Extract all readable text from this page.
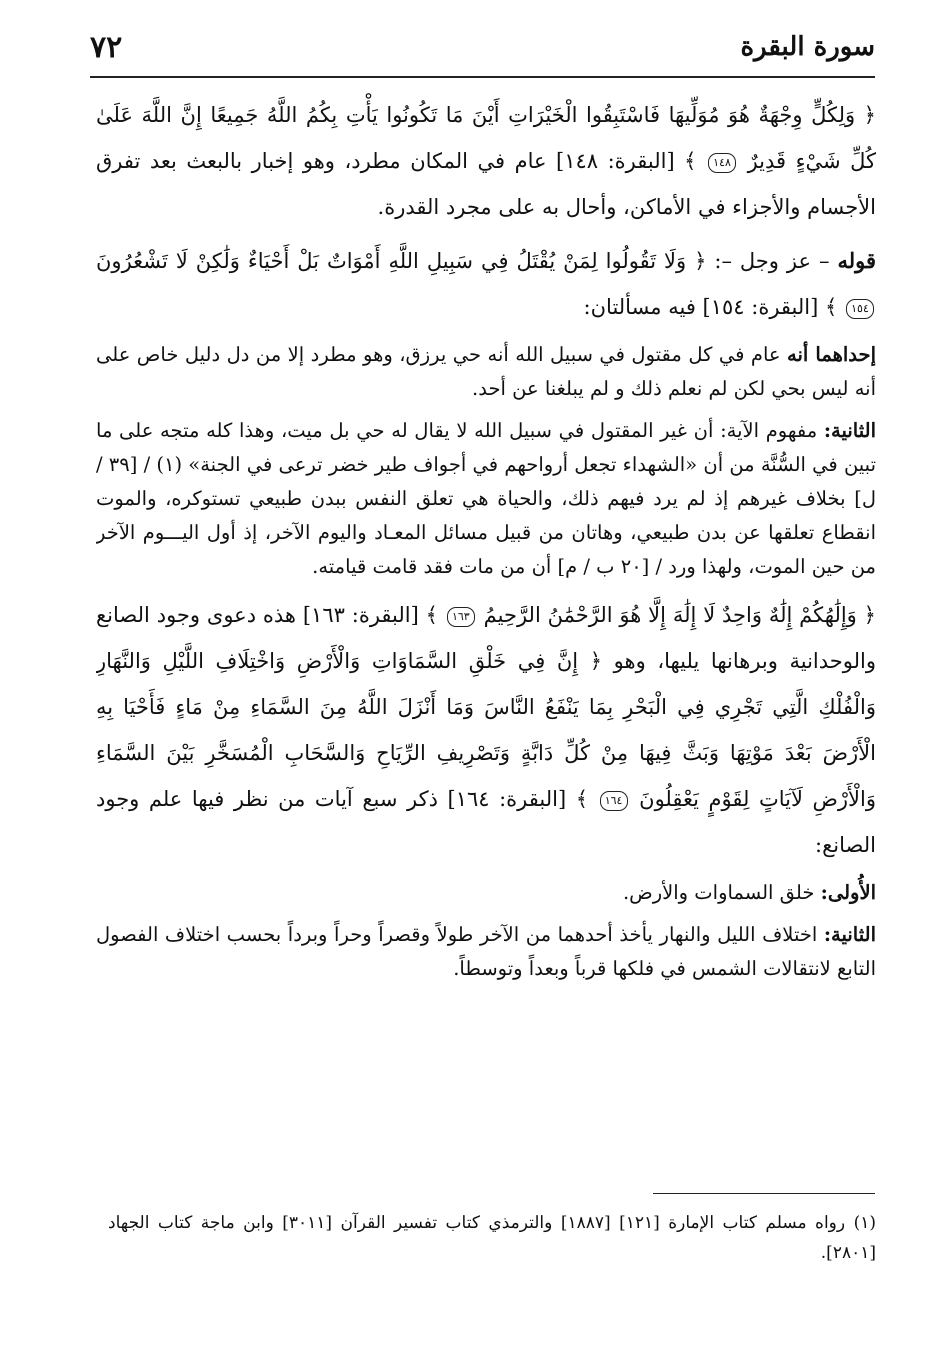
٧٢	سورة البقرة

﴿ وَلِكُلٍّ وِجْهَةٌ هُوَ مُوَلِّيهَا فَاسْتَبِقُوا الْخَيْرَاتِ أَيْنَ مَا تَكُونُوا يَأْتِ بِكُمُ اللَّهُ جَمِيعًا إِنَّ اللَّهَ عَلَىٰ كُلِّ شَيْءٍ قَدِيرٌ ١٤٨ ﴾ [البقرة: ١٤٨] عام في المكان مطرد، وهو إخبار بالبعث بعد تفرق الأجسام والأجزاء في الأماكن، وأحال به على مجرد القدرة.

قوله – عز وجل –: ﴿ وَلَا تَقُولُوا لِمَنْ يُقْتَلُ فِي سَبِيلِ اللَّهِ أَمْوَاتٌ بَلْ أَحْيَاءٌ وَلَٰكِنْ لَا تَشْعُرُونَ ١٥٤ ﴾ [البقرة: ١٥٤] فيه مسألتان:

إحداهما أنه عام في كل مقتول في سبيل الله أنه حي يرزق، وهو مطرد إلا من دل دليل خاص على أنه ليس بحي لكن لم نعلم ذلك و لم يبلغنا عن أحد.

الثانية: مفهوم الآية: أن غير المقتول في سبيل الله لا يقال له حي بل ميت، وهذا كله متجه على ما تبين في السُّنَّة من أن «الشهداء تجعل أرواحهم في أجواف طير خضر ترعى في الجنة» (١) / [٣٩ / ل] بخلاف غيرهم إذ لم يرد فيهم ذلك، والحياة هي تعلق النفس ببدن طبيعي تستوكره، والموت انقطاع تعلقها عن بدن طبيعي، وهاتان من قبيل مسائل المعـاد واليوم الآخر، إذ أول اليـــوم الآخر من حين الموت، ولهذا ورد / [٢٠ ب / م] أن من مات فقد قامت قيامته.

﴿ وَإِلَٰهُكُمْ إِلَٰهٌ وَاحِدٌ لَا إِلَٰهَ إِلَّا هُوَ الرَّحْمَٰنُ الرَّحِيمُ ١٦٣ ﴾ [البقرة: ١٦٣] هذه دعوى وجود الصانع والوحدانية وبرهانها يليها، وهو ﴿ إِنَّ فِي خَلْقِ السَّمَاوَاتِ وَالْأَرْضِ وَاخْتِلَافِ اللَّيْلِ وَالنَّهَارِ وَالْفُلْكِ الَّتِي تَجْرِي فِي الْبَحْرِ بِمَا يَنْفَعُ النَّاسَ وَمَا أَنْزَلَ اللَّهُ مِنَ السَّمَاءِ مِنْ مَاءٍ فَأَحْيَا بِهِ الْأَرْضَ بَعْدَ مَوْتِهَا وَبَثَّ فِيهَا مِنْ كُلِّ دَابَّةٍ وَتَصْرِيفِ الرِّيَاحِ وَالسَّحَابِ الْمُسَخَّرِ بَيْنَ السَّمَاءِ وَالْأَرْضِ لَآيَاتٍ لِقَوْمٍ يَعْقِلُونَ ١٦٤ ﴾ [البقرة: ١٦٤] ذكر سبع آيات من نظر فيها علم وجود الصانع:

الأُولى: خلق السماوات والأرض.

الثانية: اختلاف الليل والنهار يأخذ أحدهما من الآخر طولاً وقصراً وحراً وبرداً بحسب اختلاف الفصول التابع لانتقالات الشمس في فلكها قرباً وبعداً وتوسطاً.

(١) رواه مسلم كتاب الإمارة [١٢١] [١٨٨٧] والترمذي كتاب تفسير القرآن [٣٠١١] وابن ماجة كتاب الجهاد [٢٨٠١].
